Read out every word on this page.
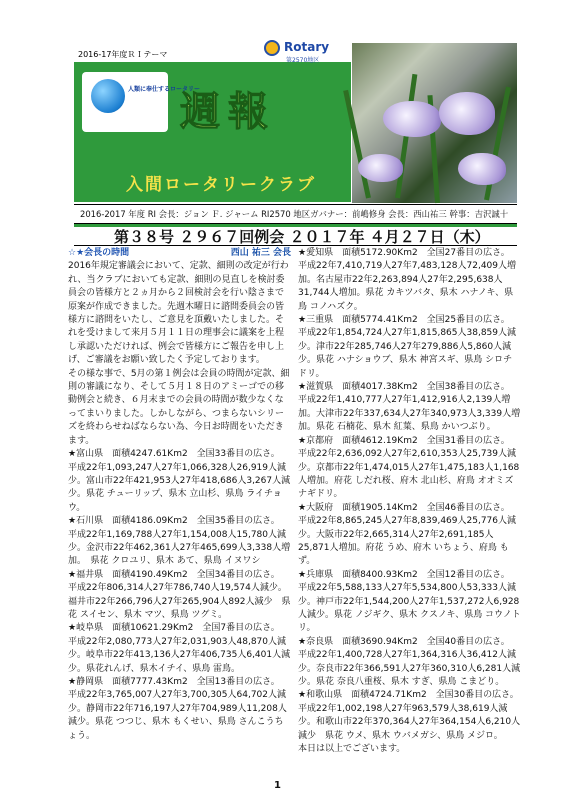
2016-17年度ＲＩテーマ
人類に奉仕するロータリー
Rotary
第2570地区
週報
入間ロータリークラブ
2016-2017 年度 RI 会長：ジョン Ｆ. ジャーム RI2570 地区ガバナー：前嶋修身 会長：西山祐三 幹事：吉沢誠十
第３８号 ２９６７回例会 ２０１７年 ４月２７日（木）

☆★会長の時間	西山 祐三 会長

2016年規定審議会において、定款、細則の改定が行われ、当クラブにおいても定款、細則の見直しを検討委員会の皆様方と２ヵ月から２回検討会を行い陰さまで原案が作成できました。先週木曜日に諮問委員会の皆様方に諮問をいたし、ご意見を頂戴いたしました。それを受けまして来月５月１１日の理事会に議案を上程し承認いただければ、例会で皆様方にご報告を申し上げ、ご審議をお願い致したく予定しております。

その様な事で、5月の第１例会は会員の時間が定款、細則の審議になり、そして５月１８日のアミーゴでの移動例会と続き、６月末までの会員の時間が数少なくなってまいりました。しかしながら、つまらないシリーズを終わらせねばならない為、今日お時間をいただきます。

★富山県　面積4247.61Km2　全国33番目の広さ。

平成22年1,093,247人27年1,066,328人26,919人減少。富山市22年421,953人27年418,686人3,267人減少。県花 チューリップ、県木 立山杉、県鳥 ライチョウ。

★石川県　面積4186.09Km2　全国35番目の広さ。

平成22年1,169,788人27年1,154,008人15,780人減少。金沢市22年462,361人27年465,699人3,338人増加。　県花 クロユリ、県木 あて、県鳥 イヌワシ

★福井県　面積4190.49Km2　全国34番目の広さ。

平成22年806,314人27年786,740人19,574人減少。福井市22年266,796人27年265,904人892人減少　県花 スイセン、県木 マツ、県鳥 ツグミ。

★岐阜県　面積10621.29Km2　全国7番目の広さ。

平成22年2,080,773人27年2,031,903人48,870人減少。岐阜市22年413,136人27年406,735人6,401人減少。県花れんげ、県木イチイ、県鳥 雷鳥。

★静岡県　面積7777.43Km2　全国13番目の広さ。

平成22年3,765,007人27年3,700,305人64,702人減少。静岡市22年716,197人27年704,989人11,208人減少。県花 つつじ、県木 もくせい、県鳥 さんこうちょう。

★愛知県　面積5172.90Km2　全国27番目の広さ。

平成22年7,410,719人27年7,483,128人72,409人増加。名古屋市22年2,263,894人27年2,295,638人31,744人増加。県花 カキツバタ、県木 ハナノキ、県鳥 コノハズク。

★三重県　面積5774.41Km2　全国25番目の広さ。

平成22年1,854,724人27年1,815,865人38,859人減少。津市22年285,746人27年279,886人5,860人減少。県花 ハナショウブ、県木 神宮スギ、県鳥 シロチドリ。

★滋賀県　面積4017.38Km2　全国38番目の広さ。

平成22年1,410,777人27年1,412,916人2,139人増加。大津市22年337,634人27年340,973人3,339人増加。県花 石楠花、県木 紅葉、県鳥 かいつぶり。

★京都府　面積4612.19Km2　全国31番目の広さ。

平成22年2,636,092人27年2,610,353人25,739人減少。京都市22年1,474,015人27年1,475,183人1,168人増加。府花 しだれ桜、府木 北山杉、府鳥 オオミズナギドリ。

★大阪府　面積1905.14Km2　全国46番目の広さ。

平成22年8,865,245人27年8,839,469人25,776人減少。大阪市22年2,665,314人27年2,691,185人25,871人増加。府花 うめ、府木 いちょう、府鳥 もず。

★兵庫県　面積8400.93Km2　全国12番目の広さ。

平成22年5,588,133人27年5,534,800人53,333人減少。神戸市22年1,544,200人27年1,537,272人6,928人減少。県花 ノジギク、県木 クスノキ、県鳥 コウノトリ。

★奈良県　面積3690.94Km2　全国40番目の広さ。

平成22年1,400,728人27年1,364,316人36,412人減少。奈良市22年366,591人27年360,310人6,281人減少。県花 奈良八重桜、県木 すぎ、県鳥 こまどり。

★和歌山県　面積4724.71Km2　全国30番目の広さ。

平成22年1,002,198人27年963,579人38,619人減少。和歌山市22年370,364人27年364,154人6,210人減少　県花 ウメ、県木 ウバメガシ、県鳥 メジロ。　　本日は以上でございます。

1
